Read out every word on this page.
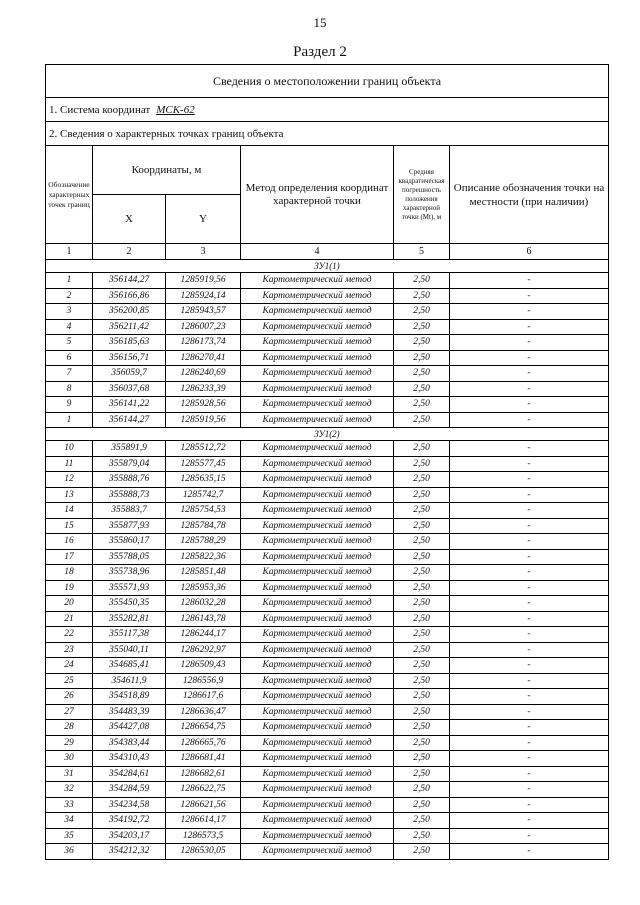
15
Раздел 2
Сведения о местоположении границ объекта					
1. Система координат МСК-62					
2. Сведения о характерных точках границ объекта					
Обозначение характерных точек границ	Координаты, м		Метод определения координат характерной точки	Средняя квадратическая погрешность положения характерной точки (Mt), м	Описание обозначения точки на местности (при наличии)
	X	Y			
1	2	3	4	5	6
ЗУ1(1)					
1	356144,27	1285919,56	Картометрический метод	2,50	-
2	356166,86	1285924,14	Картометрический метод	2,50	-
3	356200,85	1285943,57	Картометрический метод	2,50	-
4	356211,42	1286007,23	Картометрический метод	2,50	-
5	356185,63	1286173,74	Картометрический метод	2,50	-
6	356156,71	1286270,41	Картометрический метод	2,50	-
7	356059,7	1286240,69	Картометрический метод	2,50	-
8	356037,68	1286233,39	Картометрический метод	2,50	-
9	356141,22	1285928,56	Картометрический метод	2,50	-
1	356144,27	1285919,56	Картометрический метод	2,50	-
ЗУ1(2)					
10	355891,9	1285512,72	Картометрический метод	2,50	-
11	355879,04	1285577,45	Картометрический метод	2,50	-
12	355888,76	1285635,15	Картометрический метод	2,50	-
13	355888,73	1285742,7	Картометрический метод	2,50	-
14	355883,7	1285754,53	Картометрический метод	2,50	-
15	355877,93	1285784,78	Картометрический метод	2,50	-
16	355860,17	1285788,29	Картометрический метод	2,50	-
17	355788,05	1285822,36	Картометрический метод	2,50	-
18	355738,96	1285851,48	Картометрический метод	2,50	-
19	355571,93	1285953,36	Картометрический метод	2,50	-
20	355450,35	1286032,28	Картометрический метод	2,50	-
21	355282,81	1286143,78	Картометрический метод	2,50	-
22	355117,38	1286244,17	Картометрический метод	2,50	-
23	355040,11	1286292,97	Картометрический метод	2,50	-
24	354685,41	1286509,43	Картометрический метод	2,50	-
25	354611,9	1286556,9	Картометрический метод	2,50	-
26	354518,89	1286617,6	Картометрический метод	2,50	-
27	354483,39	1286636,47	Картометрический метод	2,50	-
28	354427,08	1286654,75	Картометрический метод	2,50	-
29	354383,44	1286665,76	Картометрический метод	2,50	-
30	354310,43	1286681,41	Картометрический метод	2,50	-
31	354284,61	1286682,61	Картометрический метод	2,50	-
32	354284,59	1286622,75	Картометрический метод	2,50	-
33	354234,58	1286621,56	Картометрический метод	2,50	-
34	354192,72	1286614,17	Картометрический метод	2,50	-
35	354203,17	1286573,5	Картометрический метод	2,50	-
36	354212,32	1286530,05	Картометрический метод	2,50	-
